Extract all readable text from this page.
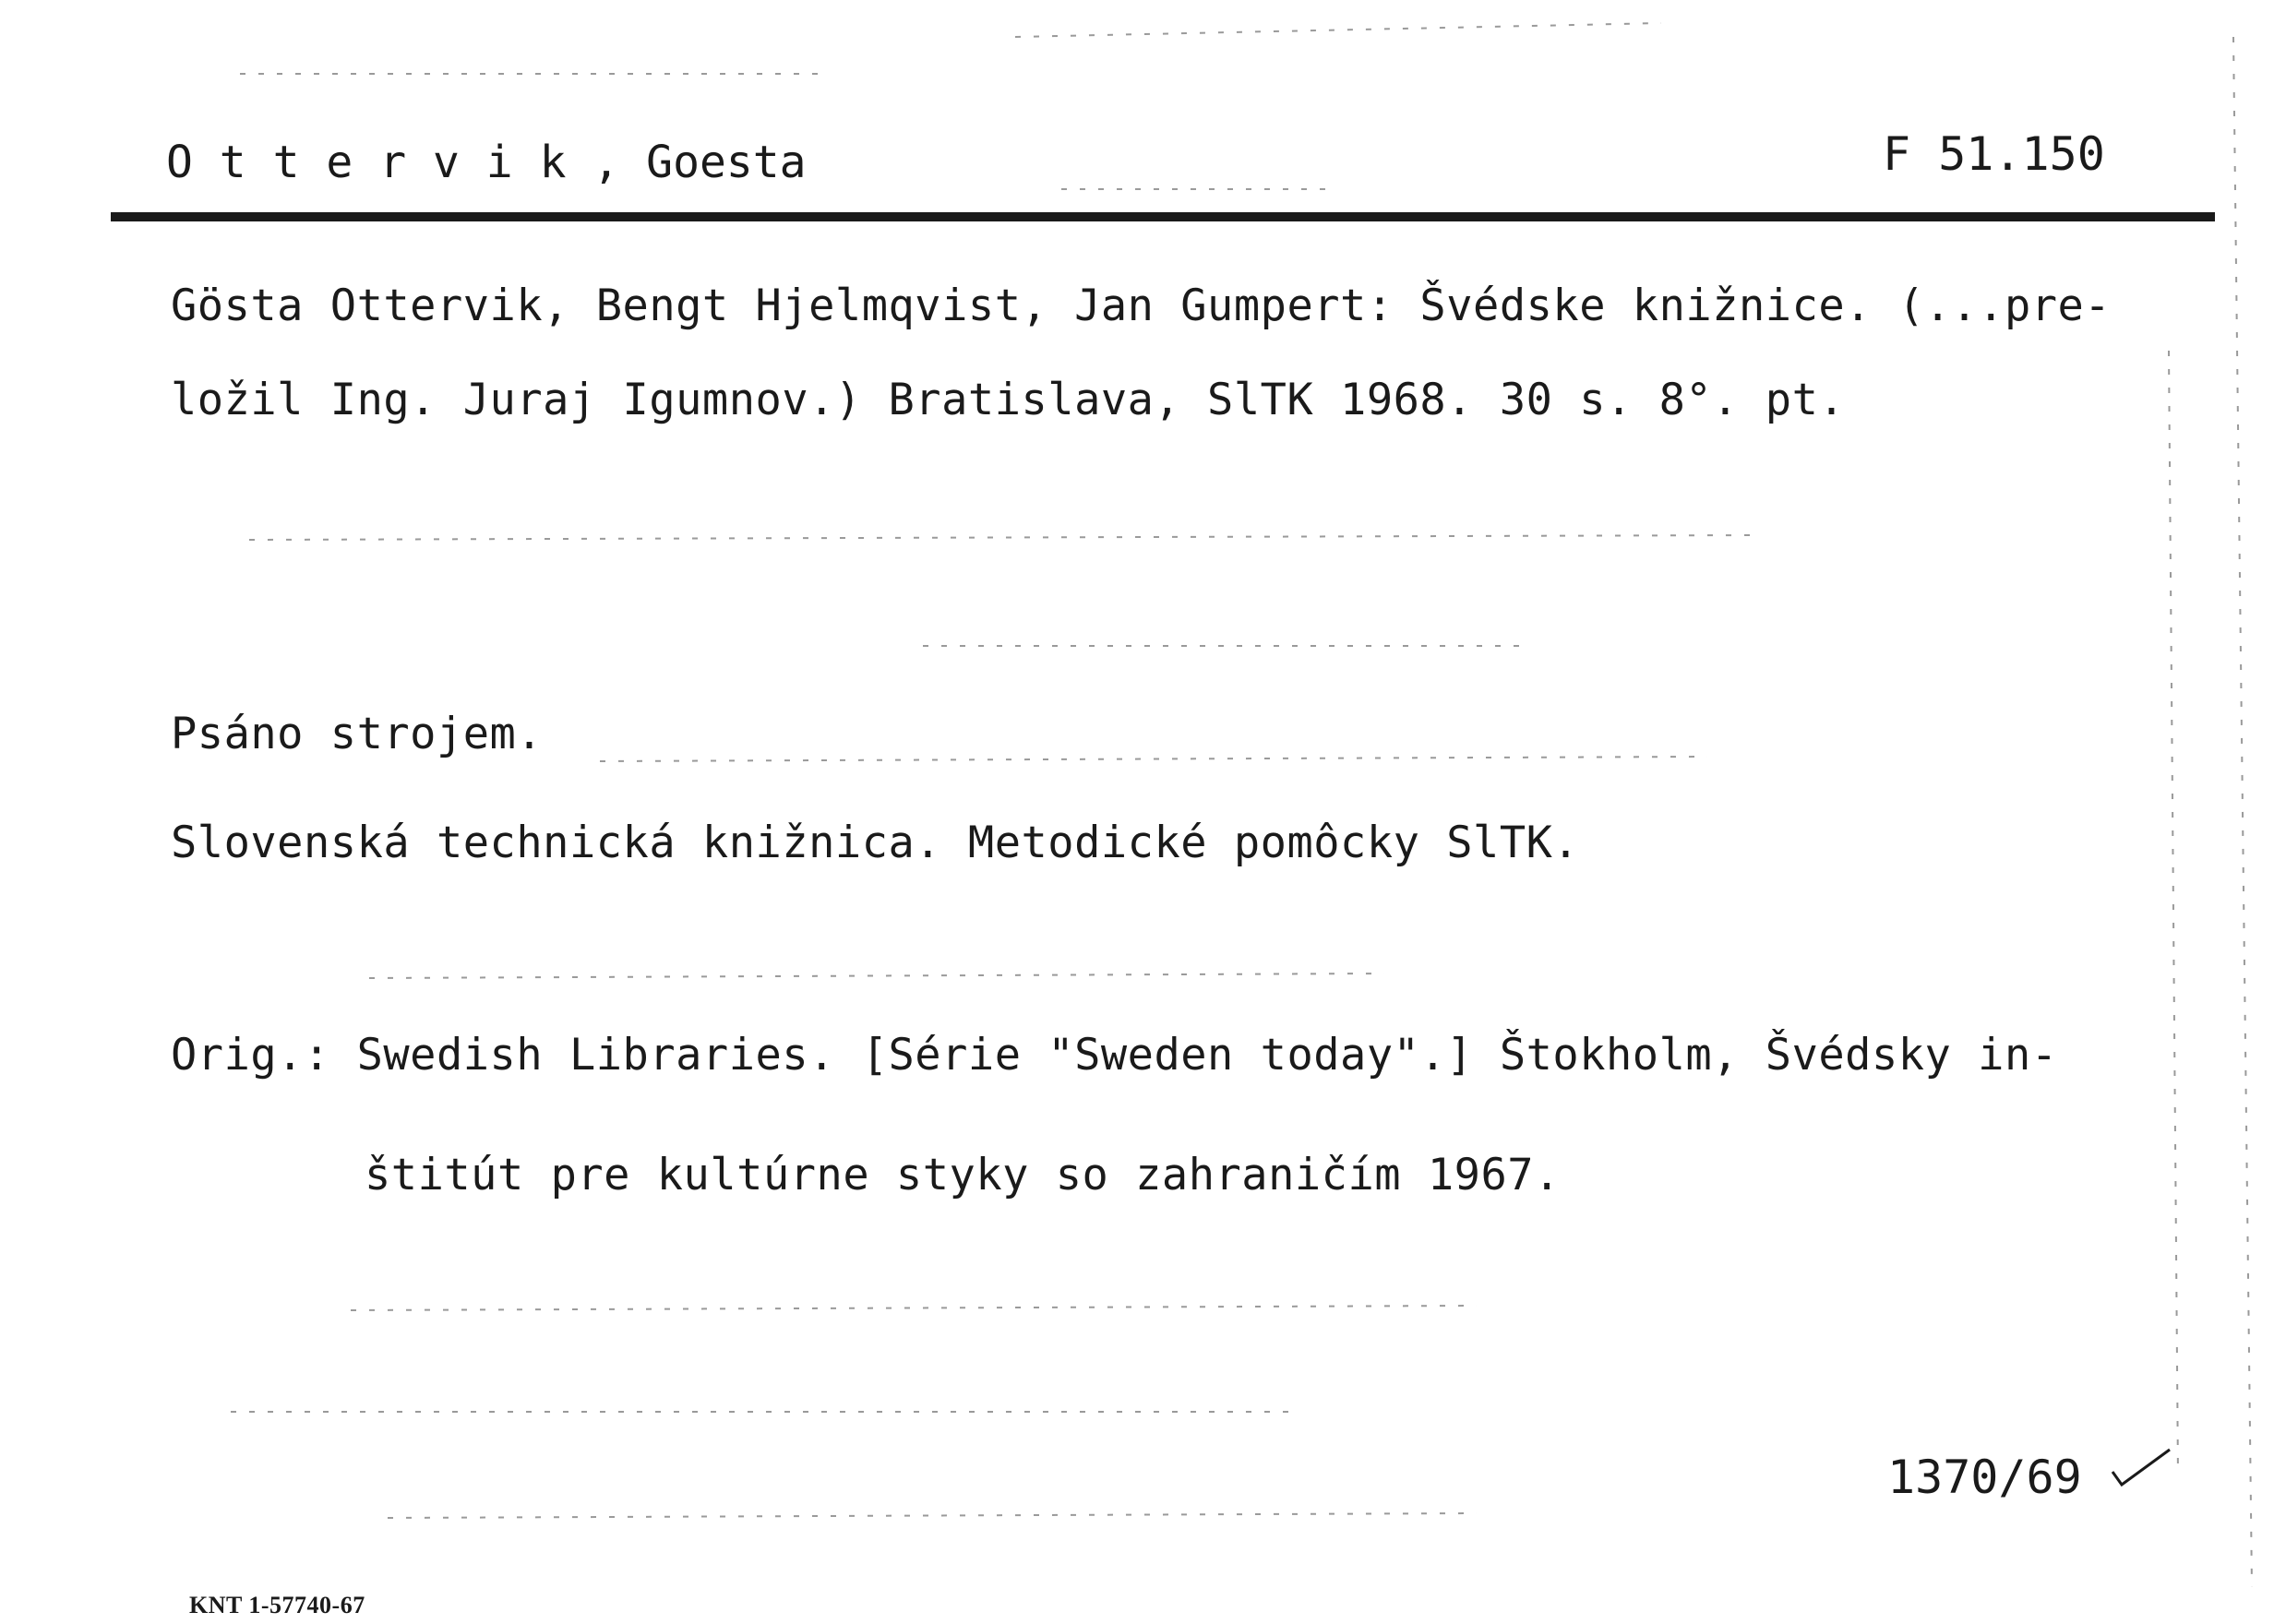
O t t e r v i k , Goesta	F 51.150
Gösta Ottervik, Bengt Hjelmqvist, Jan Gumpert: Švédske knižnice. (...pre-
ložil Ing. Juraj Igumnov.) Bratislava, SlTK 1968. 30 s. 8°. pt.
Psáno strojem.
Slovenská technická knižnica. Metodické pomôcky SlTK.
Orig.: Swedish Libraries. [Série "Sweden today".] Štokholm, Švédsky in-
štitút pre kultúrne styky so zahraničím 1967.
1370/69
KNT 1-57740-67
